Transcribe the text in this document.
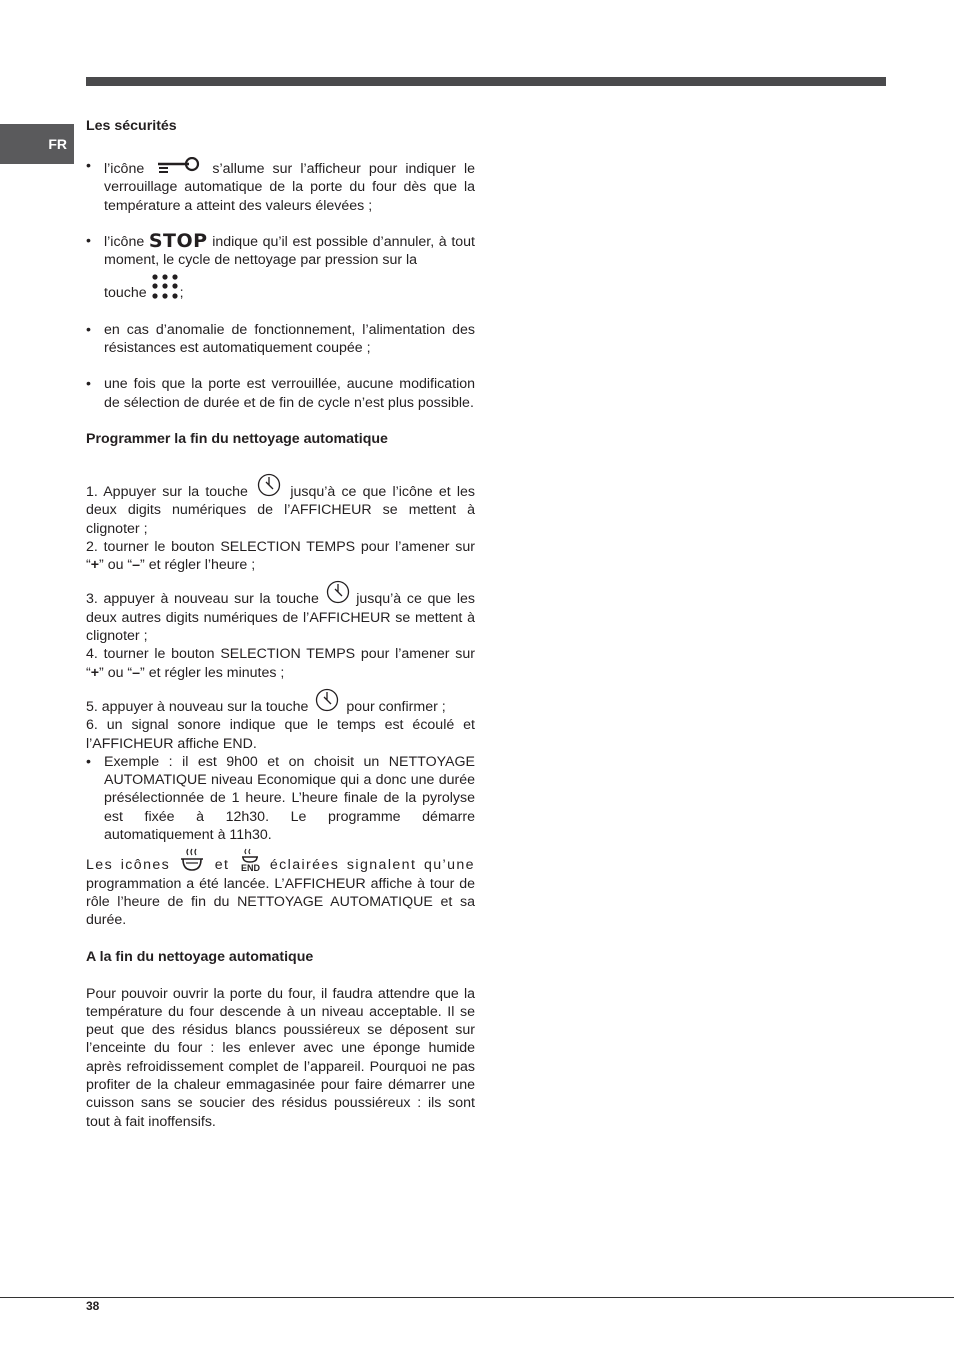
FR
Les sécurités
• l’icône	s’allume sur l’afficheur pour indiquer le verrouillage automatique de la porte du four dès que la température a atteint des valeurs élevées ;
• l’icône STOP indique qu’il est possible d’annuler, à tout moment, le cycle de nettoyage par pression sur la
touche ;
• en cas d’anomalie de fonctionnement, l’alimentation des résistances est automatiquement coupée ;
• une fois que la porte est verrouillée, aucune modification de sélection de durée et de fin de cycle n’est plus possible.
Programmer la fin du nettoyage automatique

1. Appuyer sur la touche	jusqu’à ce que l’icône et les deux digits numériques de l’AFFICHEUR se mettent à clignoter ;

2. tourner le bouton SELECTION TEMPS pour l’amener sur “+” ou “–” et régler l’heure ;

3. appuyer à nouveau sur la touche	jusqu’à ce que les deux autres digits numériques de l’AFFICHEUR se mettent à clignoter ;

4. tourner le bouton SELECTION TEMPS pour l’amener sur “+” ou “–” et régler les minutes ;

5. appuyer à nouveau sur la touche	pour confirmer ;

6. un signal sonore indique que le temps est écoulé et l’AFFICHEUR affiche END.

• Exemple : il est 9h00 et on choisit un NETTOYAGE AUTOMATIQUE niveau Economique qui a donc une durée présélectionnée de 1 heure. L’heure finale de la pyrolyse est fixée à 12h30. Le programme démarre automatiquement à 11h30.

Les icônes	et END éclairées signalent qu’une programmation a été lancée. L’AFFICHEUR affiche à tour de rôle l’heure de fin du NETTOYAGE AUTOMATIQUE et sa durée.

A la fin du nettoyage automatique

Pour pouvoir ouvrir la porte du four, il faudra attendre que la température du four descende à un niveau acceptable. Il se peut que des résidus blancs poussiéreux se déposent sur l’enceinte du four : les enlever avec une éponge humide après refroidissement complet de l’appareil. Pourquoi ne pas profiter de la chaleur emmagasinée pour faire démarrer une cuisson sans se soucier des résidus poussiéreux : ils sont tout à fait inoffensifs.

38
